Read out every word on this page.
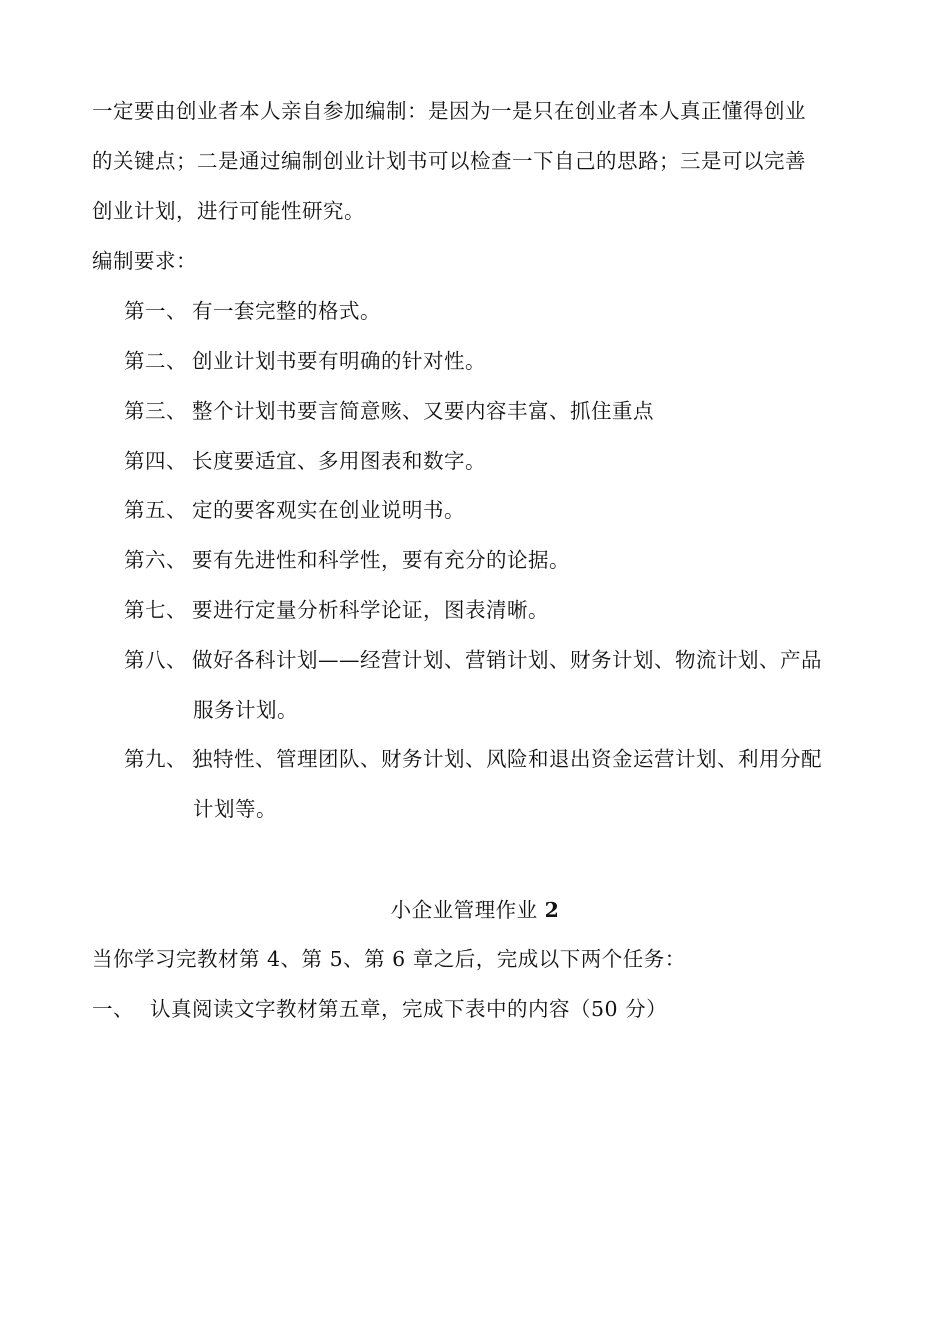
一定要由创业者本人亲自参加编制：是因为一是只在创业者本人真正懂得创业
的关键点；二是通过编制创业计划书可以检查一下自己的思路；三是可以完善
创业计划，进行可能性研究。
编制要求：
第一、 有一套完整的格式。
第二、 创业计划书要有明确的针对性。
第三、 整个计划书要言简意赅、又要内容丰富、抓住重点
第四、 长度要适宜、多用图表和数字。
第五、 定的要客观实在创业说明书。
第六、 要有先进性和科学性，要有充分的论据。
第七、 要进行定量分析科学论证，图表清晰。
第八、 做好各科计划——经营计划、营销计划、财务计划、物流计划、产品
服务计划。
第九、 独特性、管理团队、财务计划、风险和退出资金运营计划、利用分配
计划等。
小企业管理作业 2
当你学习完教材第 4、第 5、第 6 章之后，完成以下两个任务：
一、 认真阅读文字教材第五章，完成下表中的内容（50 分）
